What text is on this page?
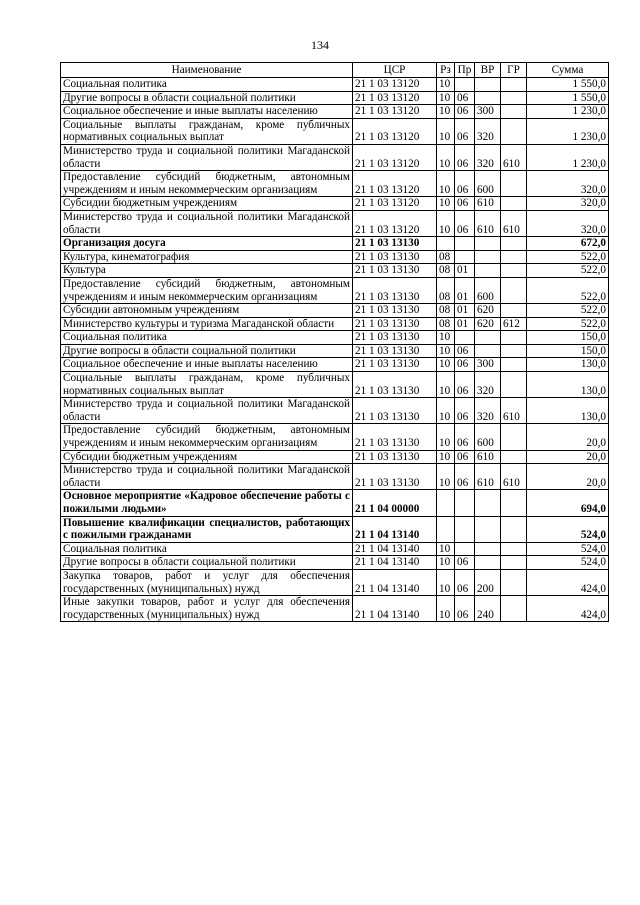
134
Наименование	ЦСР	Рз	Пр	ВР	ГР	Сумма
Социальная политика	21 1 03 13120	10				1 550,0
Другие вопросы в области социальной политики	21 1 03 13120	10	06			1 550,0
Социальное обеспечение и иные выплаты населению	21 1 03 13120	10	06	300		1 230,0
Социальные выплаты гражданам, кроме публичных нормативных социальных выплат	21 1 03 13120	10	06	320		1 230,0
Министерство труда и социальной политики Магаданской области	21 1 03 13120	10	06	320	610	1 230,0
Предоставление субсидий бюджетным, автономным учреждениям и иным некоммерческим организациям	21 1 03 13120	10	06	600		320,0
Субсидии бюджетным учреждениям	21 1 03 13120	10	06	610		320,0
Министерство труда и социальной политики Магаданской области	21 1 03 13120	10	06	610	610	320,0
Организация досуга	21 1 03 13130					672,0
Культура, кинематография	21 1 03 13130	08				522,0
Культура	21 1 03 13130	08	01			522,0
Предоставление субсидий бюджетным, автономным учреждениям и иным некоммерческим организациям	21 1 03 13130	08	01	600		522,0
Субсидии автономным учреждениям	21 1 03 13130	08	01	620		522,0
Министерство культуры и туризма Магаданской области	21 1 03 13130	08	01	620	612	522,0
Социальная политика	21 1 03 13130	10				150,0
Другие вопросы в области социальной политики	21 1 03 13130	10	06			150,0
Социальное обеспечение и иные выплаты населению	21 1 03 13130	10	06	300		130,0
Социальные выплаты гражданам, кроме публичных нормативных социальных выплат	21 1 03 13130	10	06	320		130,0
Министерство труда и социальной политики Магаданской области	21 1 03 13130	10	06	320	610	130,0
Предоставление субсидий бюджетным, автономным учреждениям и иным некоммерческим организациям	21 1 03 13130	10	06	600		20,0
Субсидии бюджетным учреждениям	21 1 03 13130	10	06	610		20,0
Министерство труда и социальной политики Магаданской области	21 1 03 13130	10	06	610	610	20,0
Основное мероприятие «Кадровое обеспечение работы с пожилыми людьми»	21 1 04 00000					694,0
Повышение квалификации специалистов, работающих с пожилыми гражданами	21 1 04 13140					524,0
Социальная политика	21 1 04 13140	10				524,0
Другие вопросы в области социальной политики	21 1 04 13140	10	06			524,0
Закупка товаров, работ и услуг для обеспечения государственных (муниципальных) нужд	21 1 04 13140	10	06	200		424,0
Иные закупки товаров, работ и услуг для обеспечения государственных (муниципальных) нужд	21 1 04 13140	10	06	240		424,0
